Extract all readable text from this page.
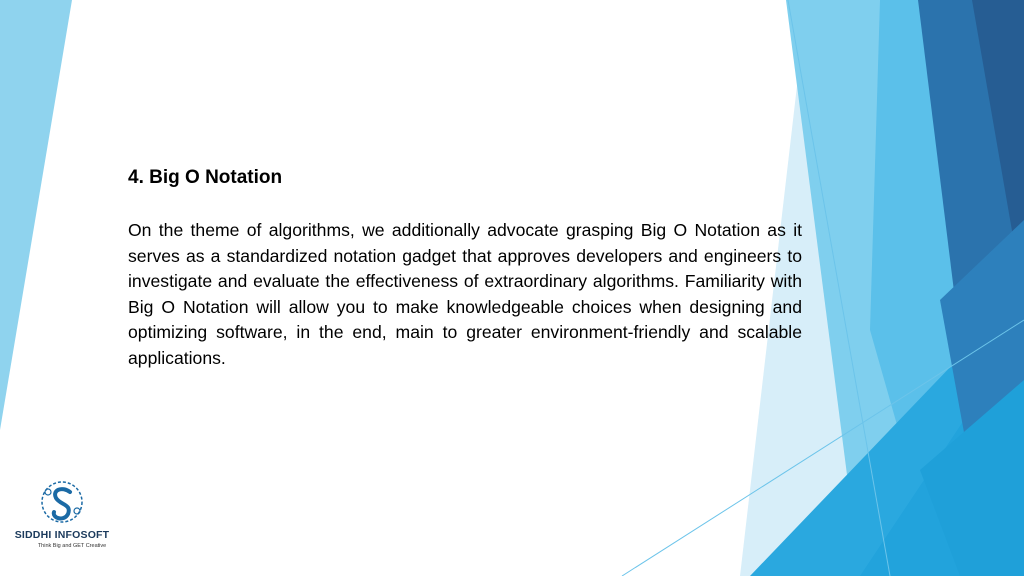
4. Big O Notation

On the theme of algorithms, we additionally advocate grasping Big O Notation as it serves as a standardized notation gadget that approves developers and engineers to investigate and evaluate the effectiveness of extraordinary algorithms. Familiarity with Big O Notation will allow you to make knowledgeable choices when designing and optimizing software, in the end, main to greater environment-friendly and scalable applications.

SIDDHI INFOSOFT
Think Big and GET Creative
